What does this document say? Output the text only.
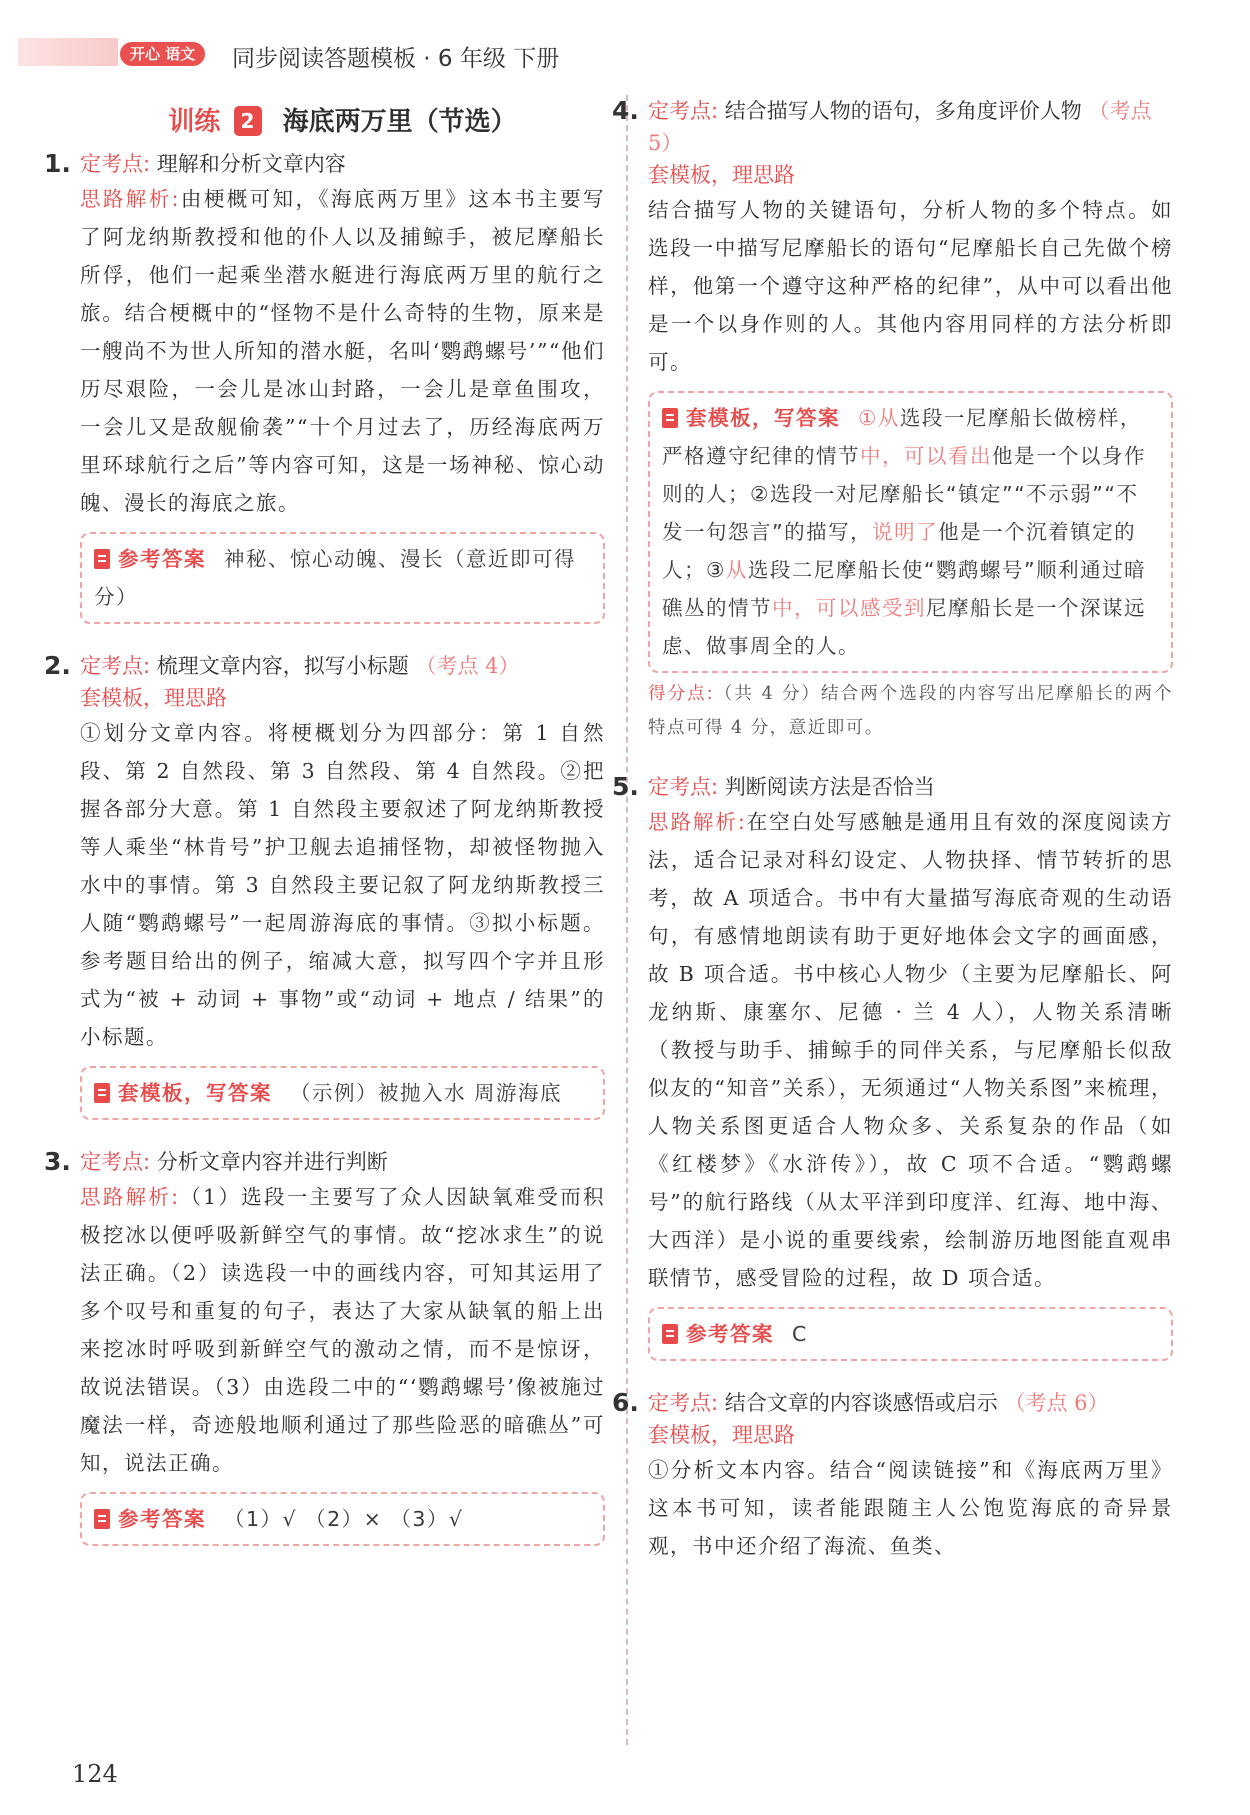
开心 语文	同步阅读答题模板 · 6 年级 下册
训练 2 海底两万里（节选）
1. 定考点: 理解和分析文章内容
思路解析:由梗概可知，《海底两万里》这本书主要写了阿龙纳斯教授和他的仆人以及捕鲸手，被尼摩船长所俘，他们一起乘坐潜水艇进行海底两万里的航行之旅。结合梗概中的“怪物不是什么奇特的生物，原来是一艘尚不为世人所知的潜水艇，名叫‘鹦鹉螺号’”“他们历尽艰险，一会儿是冰山封路，一会儿是章鱼围攻，一会儿又是敌舰偷袭”“十个月过去了，历经海底两万里环球航行之后”等内容可知，这是一场神秘、惊心动魄、漫长的海底之旅。
参考答案 神秘、惊心动魄、漫长（意近即可得分）
2. 定考点: 梳理文章内容，拟写小标题 （考点 4）
套模板，理思路
①划分文章内容。将梗概划分为四部分：第 1 自然段、第 2 自然段、第 3 自然段、第 4 自然段。②把握各部分大意。第 1 自然段主要叙述了阿龙纳斯教授等人乘坐“林肯号”护卫舰去追捕怪物，却被怪物抛入水中的事情。第 3 自然段主要记叙了阿龙纳斯教授三人随“鹦鹉螺号”一起周游海底的事情。③拟小标题。参考题目给出的例子，缩减大意，拟写四个字并且形式为“被 + 动词 + 事物”或“动词 + 地点 / 结果”的小标题。
套模板，写答案 （示例）被抛入水 周游海底
3. 定考点: 分析文章内容并进行判断
思路解析:（1）选段一主要写了众人因缺氧难受而积极挖冰以便呼吸新鲜空气的事情。故“挖冰求生”的说法正确。（2）读选段一中的画线内容，可知其运用了多个叹号和重复的句子，表达了大家从缺氧的船上出来挖冰时呼吸到新鲜空气的激动之情，而不是惊讶，故说法错误。（3）由选段二中的“‘鹦鹉螺号’像被施过魔法一样，奇迹般地顺利通过了那些险恶的暗礁丛”可知，说法正确。
参考答案 （1）√ （2）× （3）√
4. 定考点: 结合描写人物的语句，多角度评价人物 （考点 5）
套模板，理思路
结合描写人物的关键语句，分析人物的多个特点。如选段一中描写尼摩船长的语句“尼摩船长自己先做个榜样，他第一个遵守这种严格的纪律”，从中可以看出他是一个以身作则的人。其他内容用同样的方法分析即可。
套模板，写答案 ①从选段一尼摩船长做榜样，严格遵守纪律的情节中，可以看出他是一个以身作则的人；②选段一对尼摩船长“镇定”“不示弱”“不发一句怨言”的描写，说明了他是一个沉着镇定的人；③从选段二尼摩船长使“鹦鹉螺号”顺利通过暗礁丛的情节中，可以感受到尼摩船长是一个深谋远虑、做事周全的人。
得分点:（共 4 分）结合两个选段的内容写出尼摩船长的两个特点可得 4 分，意近即可。
5. 定考点: 判断阅读方法是否恰当
思路解析:在空白处写感触是通用且有效的深度阅读方法，适合记录对科幻设定、人物抉择、情节转折的思考，故 A 项适合。书中有大量描写海底奇观的生动语句，有感情地朗读有助于更好地体会文字的画面感，故 B 项合适。书中核心人物少（主要为尼摩船长、阿龙纳斯、康塞尔、尼德 · 兰 4 人），人物关系清晰（教授与助手、捕鲸手的同伴关系，与尼摩船长似敌似友的“知音”关系），无须通过“人物关系图”来梳理，人物关系图更适合人物众多、关系复杂的作品（如《红楼梦》《水浒传》），故 C 项不合适。“鹦鹉螺号”的航行路线（从太平洋到印度洋、红海、地中海、大西洋）是小说的重要线索，绘制游历地图能直观串联情节，感受冒险的过程，故 D 项合适。
参考答案 C
6. 定考点: 结合文章的内容谈感悟或启示 （考点 6）
套模板，理思路
①分析文本内容。结合“阅读链接”和《海底两万里》这本书可知，读者能跟随主人公饱览海底的奇异景观，书中还介绍了海流、鱼类、
124
